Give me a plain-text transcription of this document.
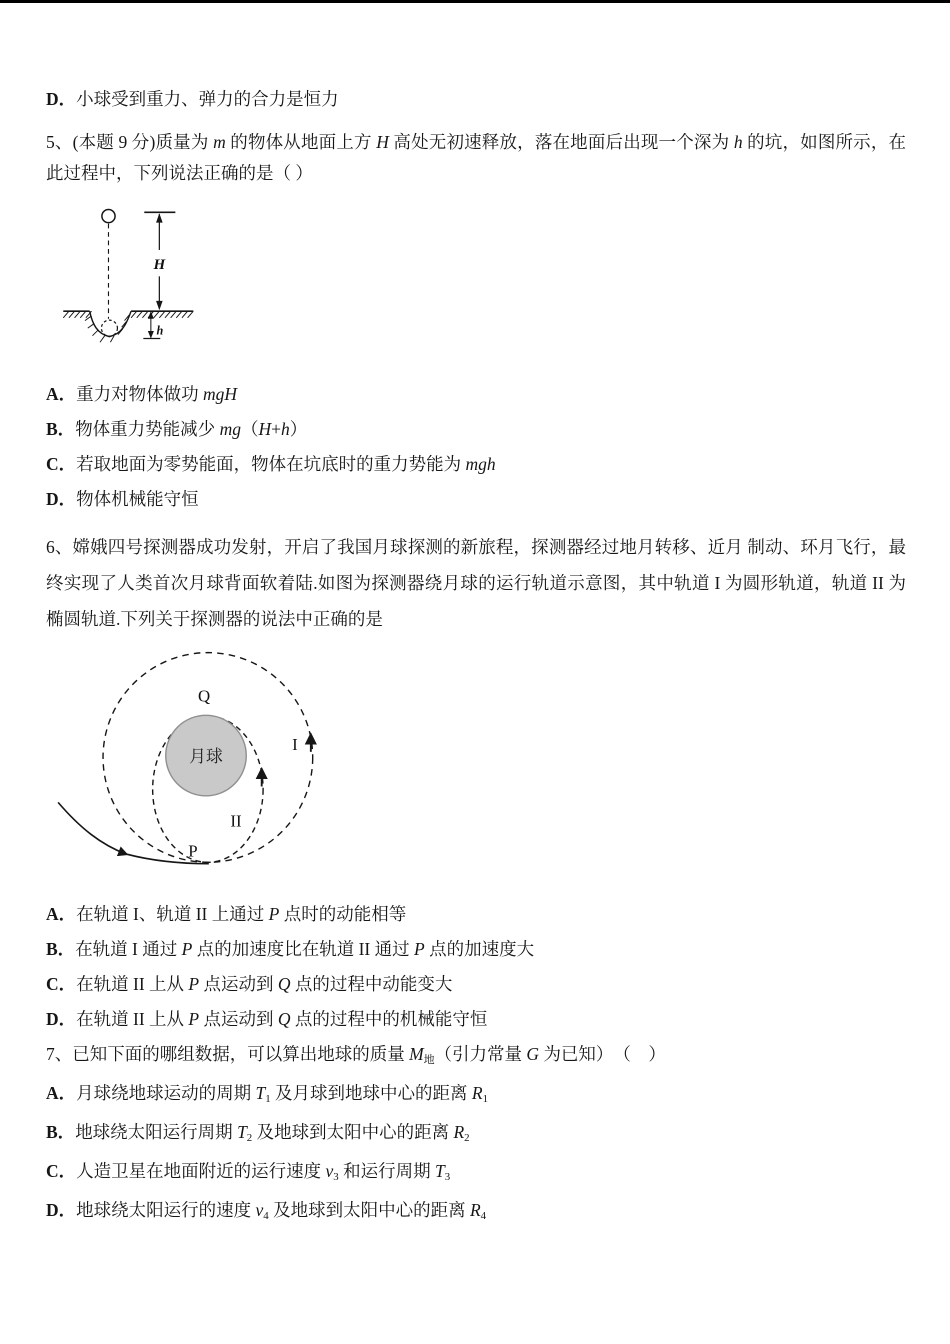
D．小球受到重力、弹力的合力是恒力

5、(本题 9 分)质量为 m 的物体从地面上方 H 高处无初速释放，落在地面后出现一个深为 h 的坑，如图所示，在此过程中，下列说法正确的是（ ）

H
h

A．重力对物体做功 mgH

B．物体重力势能减少 mg（H+h）

C．若取地面为零势能面，物体在坑底时的重力势能为 mgh

D．物体机械能守恒

6、嫦娥四号探测器成功发射，开启了我国月球探测的新旅程，探测器经过地月转移、近月 制动、环月飞行，最终实现了人类首次月球背面软着陆.如图为探测器绕月球的运行轨道示意图，其中轨道 I 为圆形轨道，轨道 II 为椭圆轨道.下列关于探测器的说法中正确的是

月球
Q
I
II
P

A．在轨道 I、轨道 II 上通过 P 点时的动能相等

B．在轨道 I 通过 P 点的加速度比在轨道 II 通过 P 点的加速度大

C．在轨道 II 上从 P 点运动到 Q 点的过程中动能变大

D．在轨道 II 上从 P 点运动到 Q 点的过程中的机械能守恒

7、已知下面的哪组数据，可以算出地球的质量 $M_地$（引力常量 G 为已知）　（　）

A．月球绕地球运动的周期 $T_1$ 及月球到地球中心的距离 $R_1$

B．地球绕太阳运行周期 $T_2$ 及地球到太阳中心的距离 $R_2$

C．人造卫星在地面附近的运行速度 $v_3$ 和运行周期 $T_3$

D．地球绕太阳运行的速度 $v_4$ 及地球到太阳中心的距离 $R_4$
